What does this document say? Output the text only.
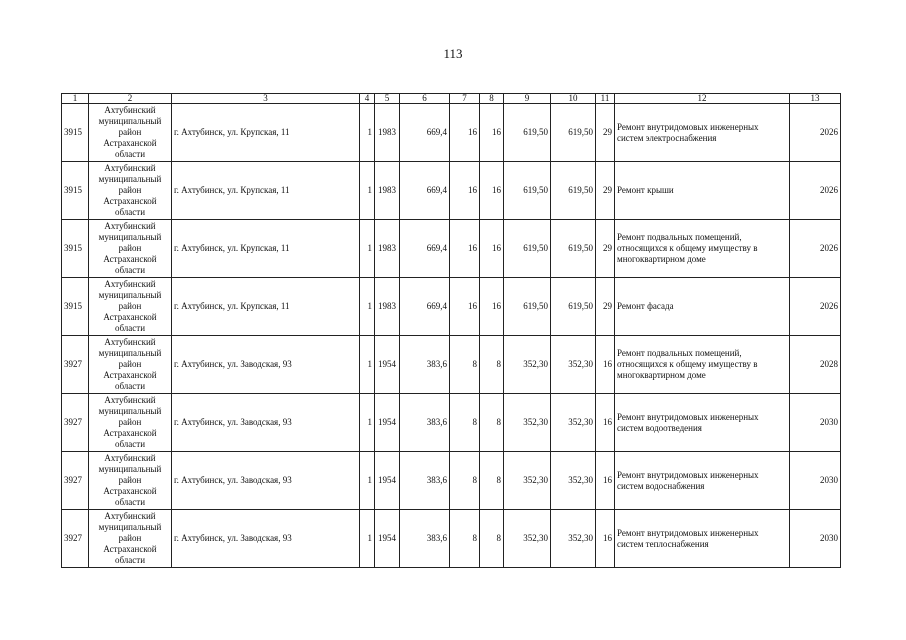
113
1	2	3	4	5	6	7	8	9	10	11	12	13
3915	Ахтубинский
муниципальный
район
Астраханской
области	г. Ахтубинск, ул. Крупская, 11	1	1983	669,4	16	16	619,50	619,50	29	Ремонт внутридомовых инженерных систем электроснабжения	2026
3915	Ахтубинский
муниципальный
район
Астраханской
области	г. Ахтубинск, ул. Крупская, 11	1	1983	669,4	16	16	619,50	619,50	29	Ремонт крыши	2026
3915	Ахтубинский
муниципальный
район
Астраханской
области	г. Ахтубинск, ул. Крупская, 11	1	1983	669,4	16	16	619,50	619,50	29	Ремонт подвальных помещений, относящихся к общему имуществу в многоквартирном доме	2026
3915	Ахтубинский
муниципальный
район
Астраханской
области	г. Ахтубинск, ул. Крупская, 11	1	1983	669,4	16	16	619,50	619,50	29	Ремонт фасада	2026
3927	Ахтубинский
муниципальный
район
Астраханской
области	г. Ахтубинск, ул. Заводская, 93	1	1954	383,6	8	8	352,30	352,30	16	Ремонт подвальных помещений, относящихся к общему имуществу в многоквартирном доме	2028
3927	Ахтубинский
муниципальный
район
Астраханской
области	г. Ахтубинск, ул. Заводская, 93	1	1954	383,6	8	8	352,30	352,30	16	Ремонт внутридомовых инженерных систем водоотведения	2030
3927	Ахтубинский
муниципальный
район
Астраханской
области	г. Ахтубинск, ул. Заводская, 93	1	1954	383,6	8	8	352,30	352,30	16	Ремонт внутридомовых инженерных систем водоснабжения	2030
3927	Ахтубинский
муниципальный
район
Астраханской
области	г. Ахтубинск, ул. Заводская, 93	1	1954	383,6	8	8	352,30	352,30	16	Ремонт внутридомовых инженерных систем теплоснабжения	2030
